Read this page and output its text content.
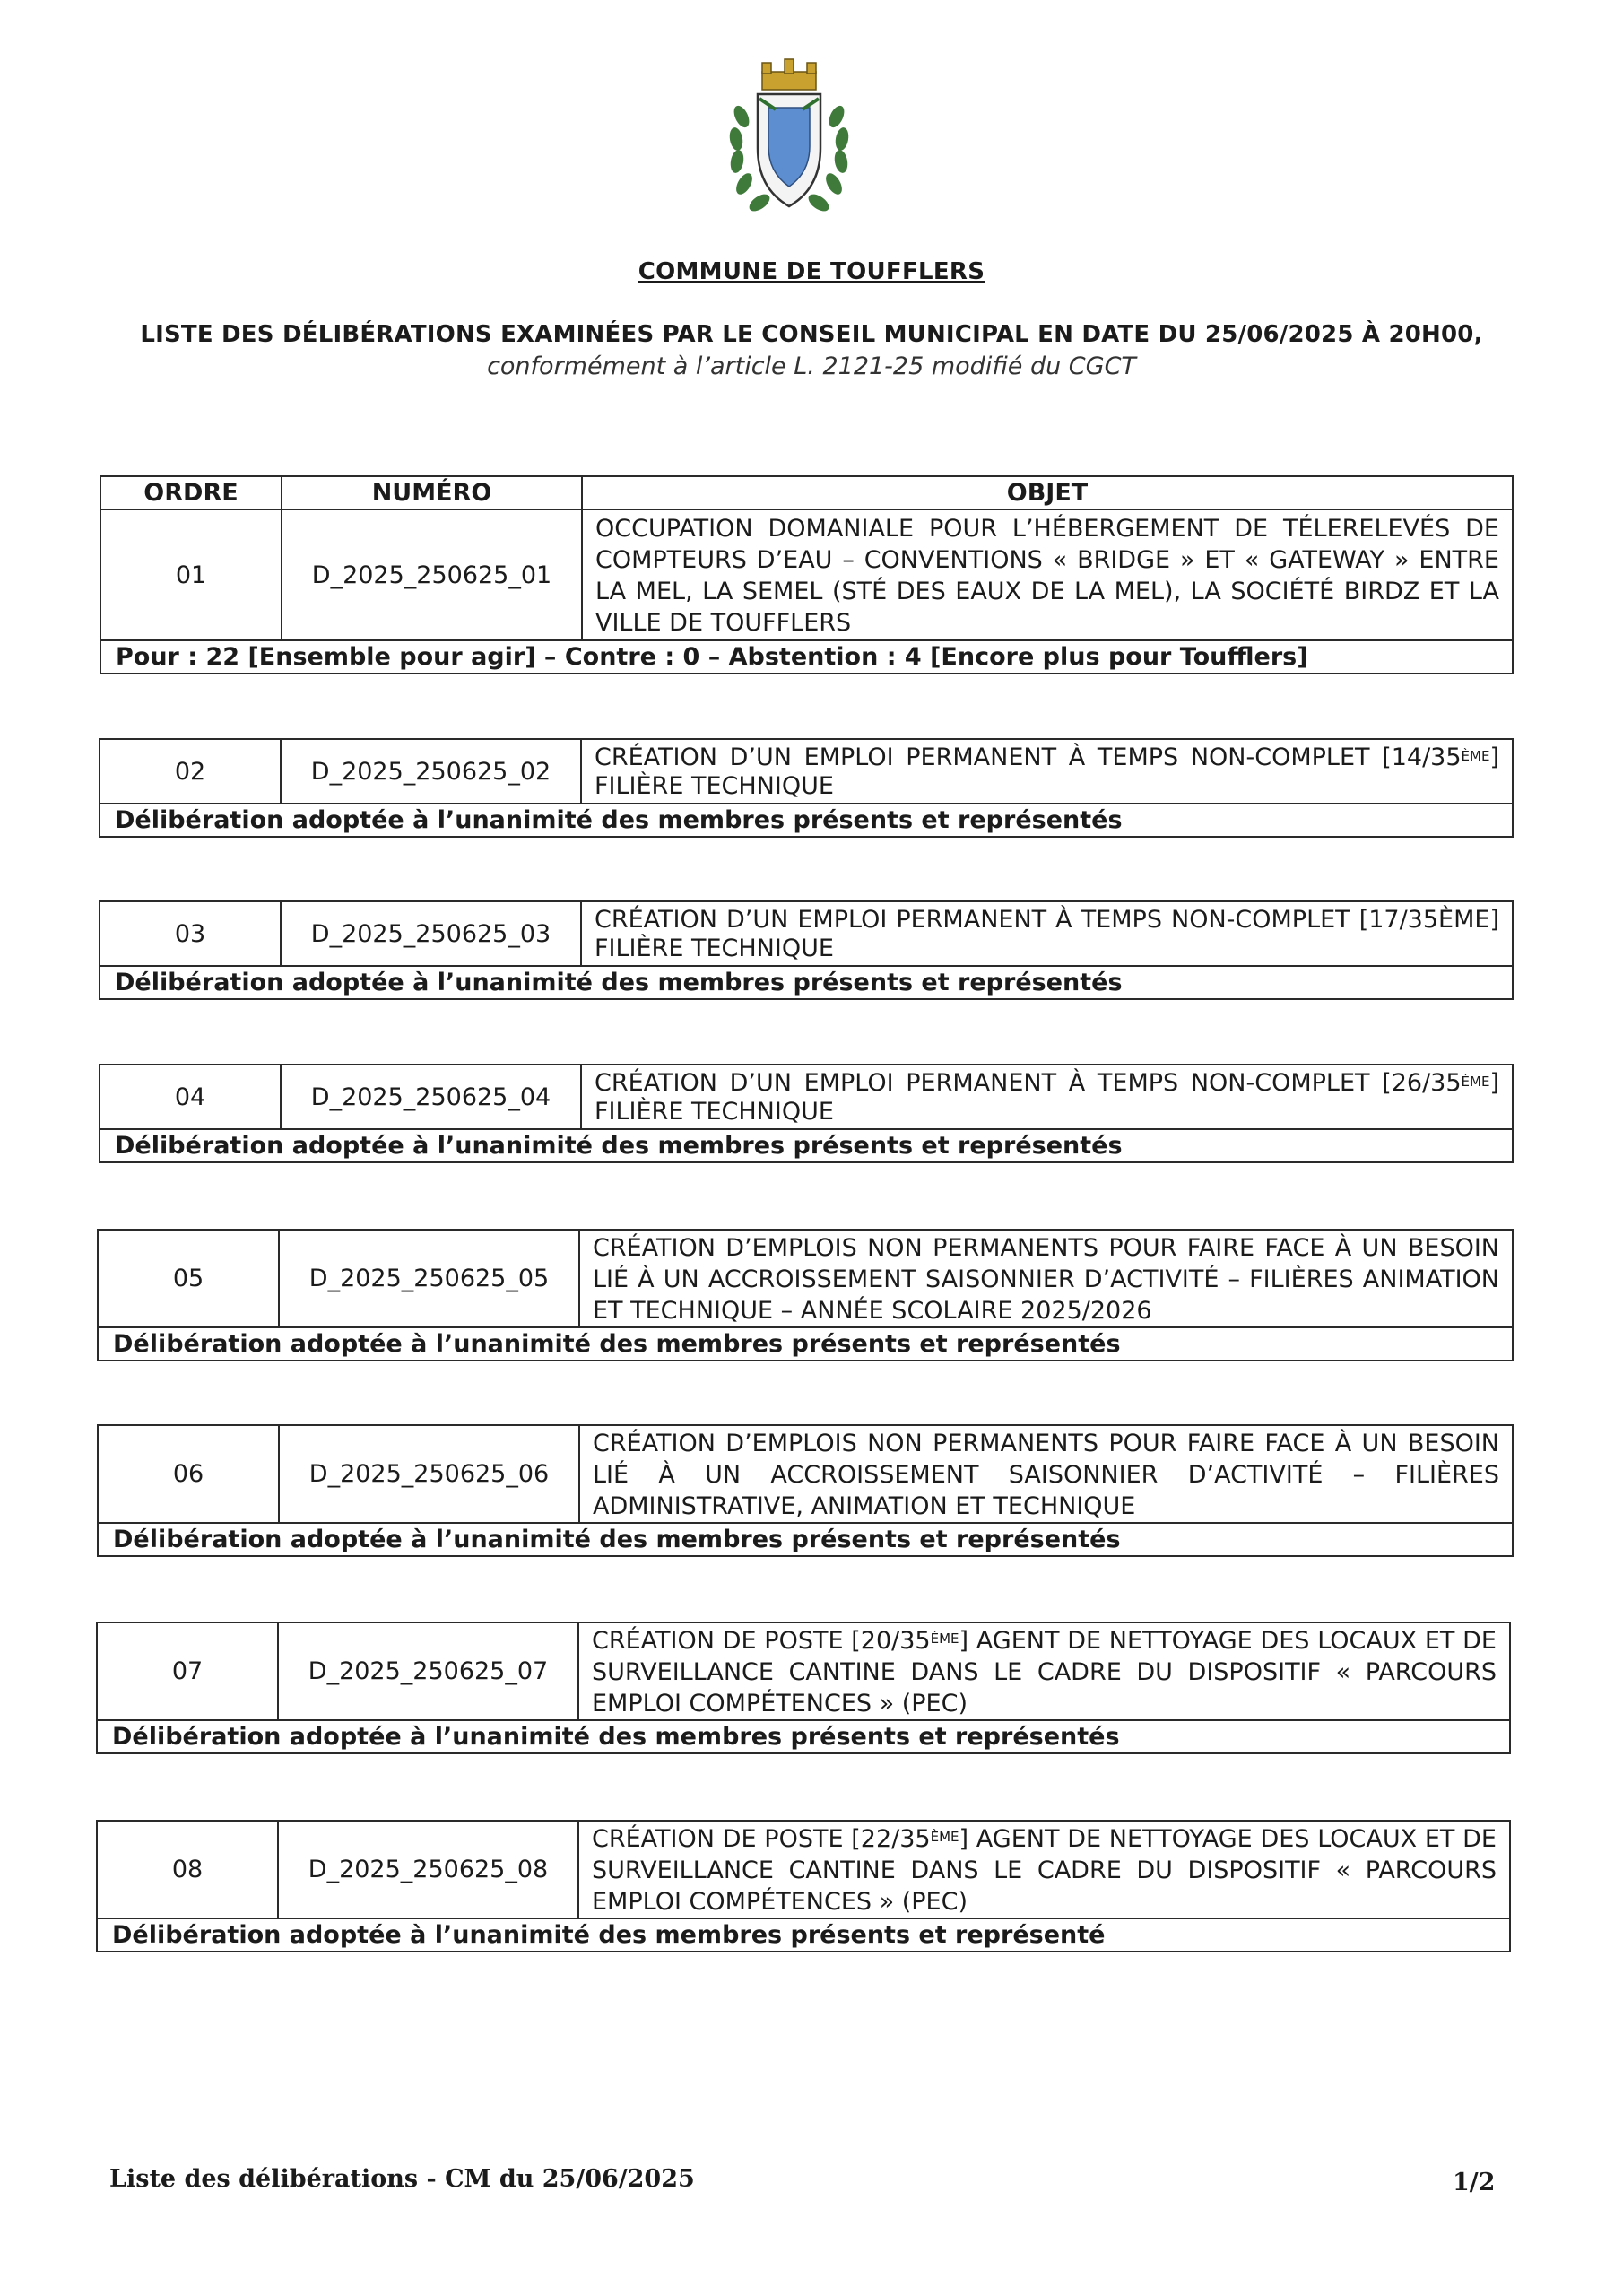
COMMUNE DE TOUFFLERS
LISTE DES DÉLIBÉRATIONS EXAMINÉES PAR LE CONSEIL MUNICIPAL EN DATE DU 25/06/2025 À 20H00,
conformément à l’article L. 2121-25 modifié du CGCT
ORDRE	NUMÉRO	OBJET
01	D_2025_250625_01	OCCUPATION DOMANIALE POUR L’HÉBERGEMENT DE TÉLERELEVÉS DE COMPTEURS D’EAU – CONVENTIONS « BRIDGE » ET « GATEWAY » ENTRE LA MEL, LA SEMEL (STÉ DES EAUX DE LA MEL), LA SOCIÉTÉ BIRDZ ET LA VILLE DE TOUFFLERS
Pour : 22 [Ensemble pour agir] – Contre : 0 – Abstention : 4 [Encore plus pour Toufflers]		
02	D_2025_250625_02	CRÉATION D’UN EMPLOI PERMANENT À TEMPS NON-COMPLET [14/35ÈME] FILIÈRE TECHNIQUE
Délibération adoptée à l’unanimité des membres présents et représentés
03	D_2025_250625_03	CRÉATION D’UN EMPLOI PERMANENT À TEMPS NON-COMPLET [17/35ÈME] FILIÈRE TECHNIQUE
Délibération adoptée à l’unanimité des membres présents et représentés
04	D_2025_250625_04	CRÉATION D’UN EMPLOI PERMANENT À TEMPS NON-COMPLET [26/35ÈME] FILIÈRE TECHNIQUE
Délibération adoptée à l’unanimité des membres présents et représentés
05	D_2025_250625_05	CRÉATION D’EMPLOIS NON PERMANENTS POUR FAIRE FACE À UN BESOIN LIÉ À UN ACCROISSEMENT SAISONNIER D’ACTIVITÉ – FILIÈRES ANIMATION ET TECHNIQUE – ANNÉE SCOLAIRE 2025/2026
Délibération adoptée à l’unanimité des membres présents et représentés
06	D_2025_250625_06	CRÉATION D’EMPLOIS NON PERMANENTS POUR FAIRE FACE À UN BESOIN LIÉ À UN ACCROISSEMENT SAISONNIER D’ACTIVITÉ – FILIÈRES ADMINISTRATIVE, ANIMATION ET TECHNIQUE
Délibération adoptée à l’unanimité des membres présents et représentés
07	D_2025_250625_07	CRÉATION DE POSTE [20/35ÈME] AGENT DE NETTOYAGE DES LOCAUX ET DE SURVEILLANCE CANTINE DANS LE CADRE DU DISPOSITIF « PARCOURS EMPLOI COMPÉTENCES » (PEC)
Délibération adoptée à l’unanimité des membres présents et représentés
08	D_2025_250625_08	CRÉATION DE POSTE [22/35ÈME] AGENT DE NETTOYAGE DES LOCAUX ET DE SURVEILLANCE CANTINE DANS LE CADRE DU DISPOSITIF « PARCOURS EMPLOI COMPÉTENCES » (PEC)
Délibération adoptée à l’unanimité des membres présents et représenté
Liste des délibérations - CM du 25/06/2025	1/2
